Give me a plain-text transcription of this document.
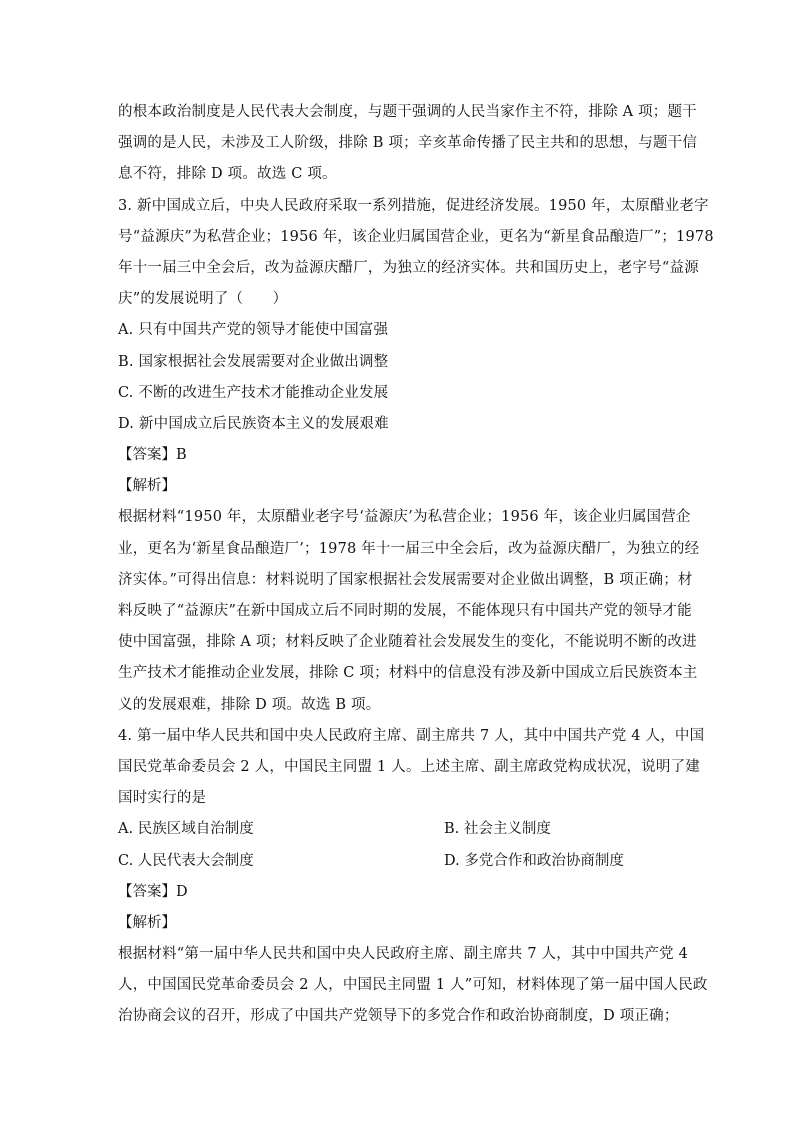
的根本政治制度是人民代表大会制度，与题干强调的人民当家作主不符，排除 A 项；题干
强调的是人民，未涉及工人阶级，排除 B 项；辛亥革命传播了民主共和的思想，与题干信
息不符，排除 D 项。故选 C 项。
3. 新中国成立后，中央人民政府采取一系列措施，促进经济发展。1950 年，太原醋业老字
号“益源庆”为私营企业；1956 年，该企业归属国营企业，更名为“新星食品酿造厂”；1978
年十一届三中全会后，改为益源庆醋厂，为独立的经济实体。共和国历史上，老字号“益源
庆”的发展说明了（　　）
A. 只有中国共产党的领导才能使中国富强
B. 国家根据社会发展需要对企业做出调整
C. 不断的改进生产技术才能推动企业发展
D. 新中国成立后民族资本主义的发展艰难
【答案】B
【解析】
根据材料“1950 年，太原醋业老字号‘益源庆’为私营企业；1956 年，该企业归属国营企
业，更名为‘新星食品酿造厂’；1978 年十一届三中全会后，改为益源庆醋厂，为独立的经
济实体。”可得出信息：材料说明了国家根据社会发展需要对企业做出调整，B 项正确；材
料反映了“益源庆”在新中国成立后不同时期的发展，不能体现只有中国共产党的领导才能
使中国富强，排除 A 项；材料反映了企业随着社会发展发生的变化，不能说明不断的改进
生产技术才能推动企业发展，排除 C 项；材料中的信息没有涉及新中国成立后民族资本主
义的发展艰难，排除 D 项。故选 B 项。
4. 第一届中华人民共和国中央人民政府主席、副主席共 7 人，其中中国共产党 4 人，中国
国民党革命委员会 2 人，中国民主同盟 1 人。上述主席、副主席政党构成状况，说明了建
国时实行的是
A. 民族区域自治制度	B. 社会主义制度
C. 人民代表大会制度	D. 多党合作和政治协商制度
【答案】D
【解析】
根据材料“第一届中华人民共和国中央人民政府主席、副主席共 7 人，其中中国共产党 4
人，中国国民党革命委员会 2 人，中国民主同盟 1 人”可知，材料体现了第一届中国人民政
治协商会议的召开，形成了中国共产党领导下的多党合作和政治协商制度，D 项正确；
